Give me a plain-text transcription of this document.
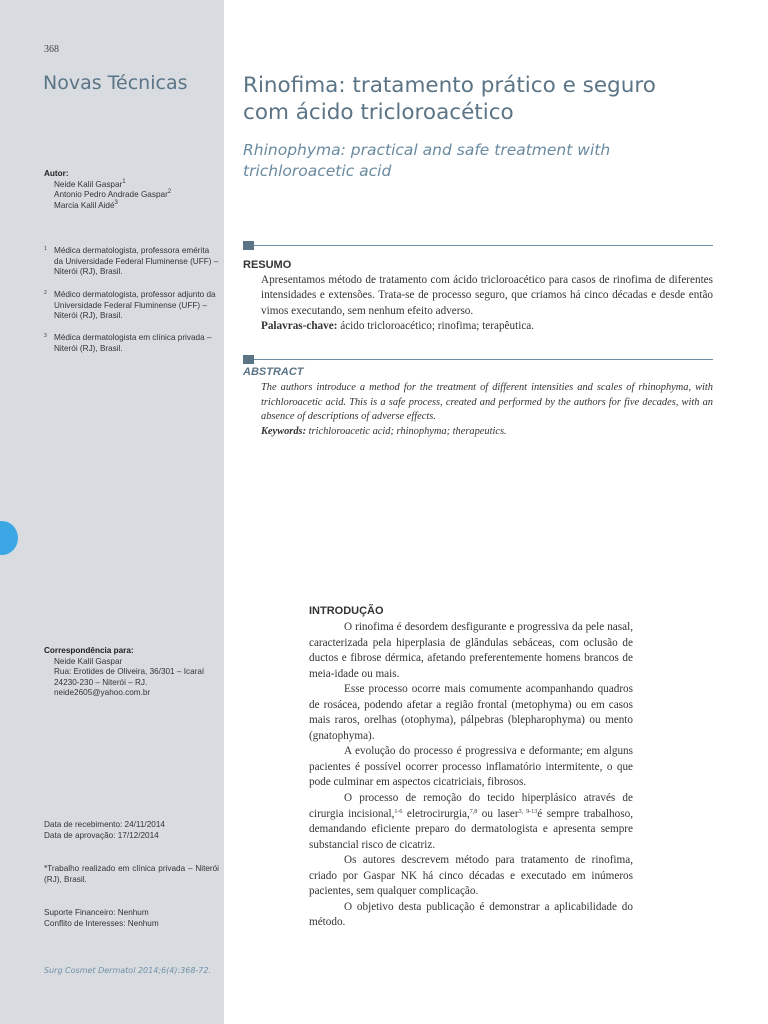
368
Novas Técnicas
Autor:
Neide Kalil Gaspar$^1$
Antonio Pedro Andrade Gaspar$^2$
Marcia Kalil Aidé$^3$
1 Médica dermatologista, professora emérita da Universidade Federal Fluminense (UFF) – Niterói (RJ), Brasil.
2 Médico dermatologista, professor adjunto da Universidade Federal Fluminense (UFF) – Niterói (RJ), Brasil.
3 Médica dermatologista em clínica privada – Niterói (RJ), Brasil.
Correspondência para:
Neide Kalil Gaspar
Rua: Erotides de Oliveira, 36/301 – Icaraí
24230-230 – Niterói – RJ.
neide2605@yahoo.com.br
Data de recebimento: 24/11/2014
Data de aprovação: 17/12/2014
*Trabalho realizado em clínica privada – Niterói (RJ), Brasil.
Suporte Financeiro: Nenhum
Conflito de Interesses: Nenhum
Surg Cosmet Dermatol 2014;6(4):368-72.
Rinofima: tratamento prático e seguro com ácido tricloroacético
Rhinophyma: practical and safe treatment with trichloroacetic acid
RESUMO
Apresentamos método de tratamento com ácido tricloroacético para casos de rinofima de diferentes intensidades e extensões. Trata-se de processo seguro, que criamos há cinco décadas e desde então vimos executando, sem nenhum efeito adverso.
Palavras-chave: ácido tricloroacético; rinofima; terapêutica.
ABSTRACT
The authors introduce a method for the treatment of different intensities and scales of rhinophyma, with trichloroacetic acid. This is a safe process, created and performed by the authors for five decades, with an absence of descriptions of adverse effects.
Keywords: trichloroacetic acid; rhinophyma; therapeutics.
INTRODUÇÃO

O rinofima é desordem desfigurante e progressiva da pele nasal, caracterizada pela hiperplasia de glândulas sebáceas, com oclusão de ductos e fibrose dérmica, afetando preferentemente homens brancos de meia-idade ou mais.

Esse processo ocorre mais comumente acompanhando quadros de rosácea, podendo afetar a região frontal (metophyma) ou em casos mais raros, orelhas (otophyma), pálpebras (blepharophyma) ou mento (gnatophyma).

A evolução do processo é progressiva e deformante; em alguns pacientes é possível ocorrer processo inflamatório intermitente, o que pode culminar em aspectos cicatriciais, fibrosos.

O processo de remoção do tecido hiperplásico através de cirurgia incisional,$^{1-6}$ eletrocirurgia,$^{7,8}$ ou laser$^{3, 9-13}$é sempre trabalhoso, demandando eficiente preparo do dermatologista e apresenta sempre substancial risco de cicatriz.

Os autores descrevem método para tratamento de rinofima, criado por Gaspar NK há cinco décadas e executado em inúmeros pacientes, sem qualquer complicação.

O objetivo desta publicação é demonstrar a aplicabilidade do método.
